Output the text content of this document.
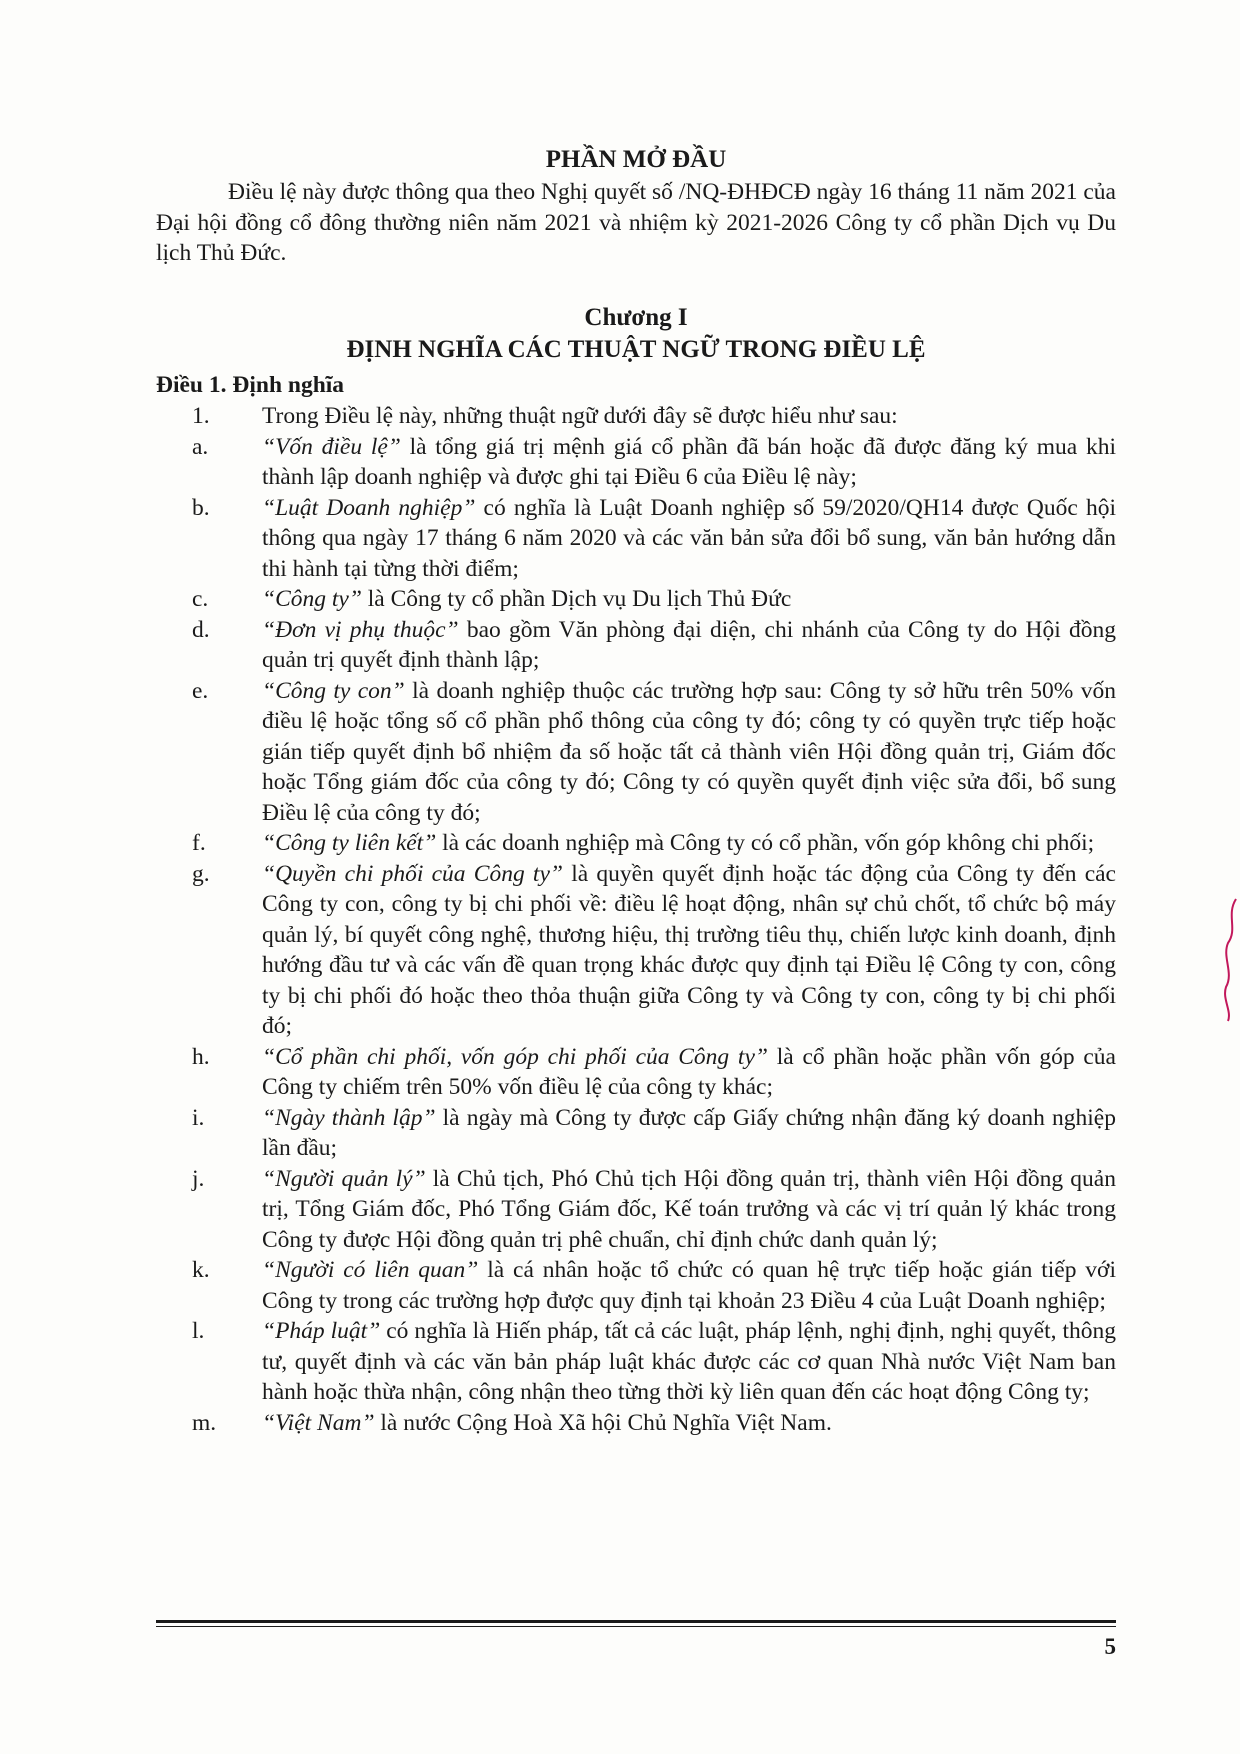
PHẦN MỞ ĐẦU
Điều lệ này được thông qua theo Nghị quyết số /NQ-ĐHĐCĐ ngày 16 tháng 11 năm 2021 của Đại hội đồng cổ đông thường niên năm 2021 và nhiệm kỳ 2021-2026 Công ty cổ phần Dịch vụ Du lịch Thủ Đức.
Chương I
ĐỊNH NGHĨA CÁC THUẬT NGỮ TRONG ĐIỀU LỆ
Điều 1. Định nghĩa
1.	Trong Điều lệ này, những thuật ngữ dưới đây sẽ được hiểu như sau:
a.	“Vốn điều lệ” là tổng giá trị mệnh giá cổ phần đã bán hoặc đã được đăng ký mua khi thành lập doanh nghiệp và được ghi tại Điều 6 của Điều lệ này;
b.	“Luật Doanh nghiệp” có nghĩa là Luật Doanh nghiệp số 59/2020/QH14 được Quốc hội thông qua ngày 17 tháng 6 năm 2020 và các văn bản sửa đổi bổ sung, văn bản hướng dẫn thi hành tại từng thời điểm;
c.	“Công ty” là Công ty cổ phần Dịch vụ Du lịch Thủ Đức
d.	“Đơn vị phụ thuộc” bao gồm Văn phòng đại diện, chi nhánh của Công ty do Hội đồng quản trị quyết định thành lập;
e.	“Công ty con” là doanh nghiệp thuộc các trường hợp sau: Công ty sở hữu trên 50% vốn điều lệ hoặc tổng số cổ phần phổ thông của công ty đó; công ty có quyền trực tiếp hoặc gián tiếp quyết định bổ nhiệm đa số hoặc tất cả thành viên Hội đồng quản trị, Giám đốc hoặc Tổng giám đốc của công ty đó; Công ty có quyền quyết định việc sửa đổi, bổ sung Điều lệ của công ty đó;
f.	“Công ty liên kết” là các doanh nghiệp mà Công ty có cổ phần, vốn góp không chi phối;
g.	“Quyền chi phối của Công ty” là quyền quyết định hoặc tác động của Công ty đến các Công ty con, công ty bị chi phối về: điều lệ hoạt động, nhân sự chủ chốt, tổ chức bộ máy quản lý, bí quyết công nghệ, thương hiệu, thị trường tiêu thụ, chiến lược kinh doanh, định hướng đầu tư và các vấn đề quan trọng khác được quy định tại Điều lệ Công ty con, công ty bị chi phối đó hoặc theo thỏa thuận giữa Công ty và Công ty con, công ty bị chi phối đó;
h.	“Cổ phần chi phối, vốn góp chi phối của Công ty” là cổ phần hoặc phần vốn góp của Công ty chiếm trên 50% vốn điều lệ của công ty khác;
i.	“Ngày thành lập” là ngày mà Công ty được cấp Giấy chứng nhận đăng ký doanh nghiệp lần đầu;
j.	“Người quản lý” là Chủ tịch, Phó Chủ tịch Hội đồng quản trị, thành viên Hội đồng quản trị, Tổng Giám đốc, Phó Tổng Giám đốc, Kế toán trưởng và các vị trí quản lý khác trong Công ty được Hội đồng quản trị phê chuẩn, chỉ định chức danh quản lý;
k.	“Người có liên quan” là cá nhân hoặc tổ chức có quan hệ trực tiếp hoặc gián tiếp với Công ty trong các trường hợp được quy định tại khoản 23 Điều 4 của Luật Doanh nghiệp;
l.	“Pháp luật” có nghĩa là Hiến pháp, tất cả các luật, pháp lệnh, nghị định, nghị quyết, thông tư, quyết định và các văn bản pháp luật khác được các cơ quan Nhà nước Việt Nam ban hành hoặc thừa nhận, công nhận theo từng thời kỳ liên quan đến các hoạt động Công ty;
m.	“Việt Nam” là nước Cộng Hoà Xã hội Chủ Nghĩa Việt Nam.
5
